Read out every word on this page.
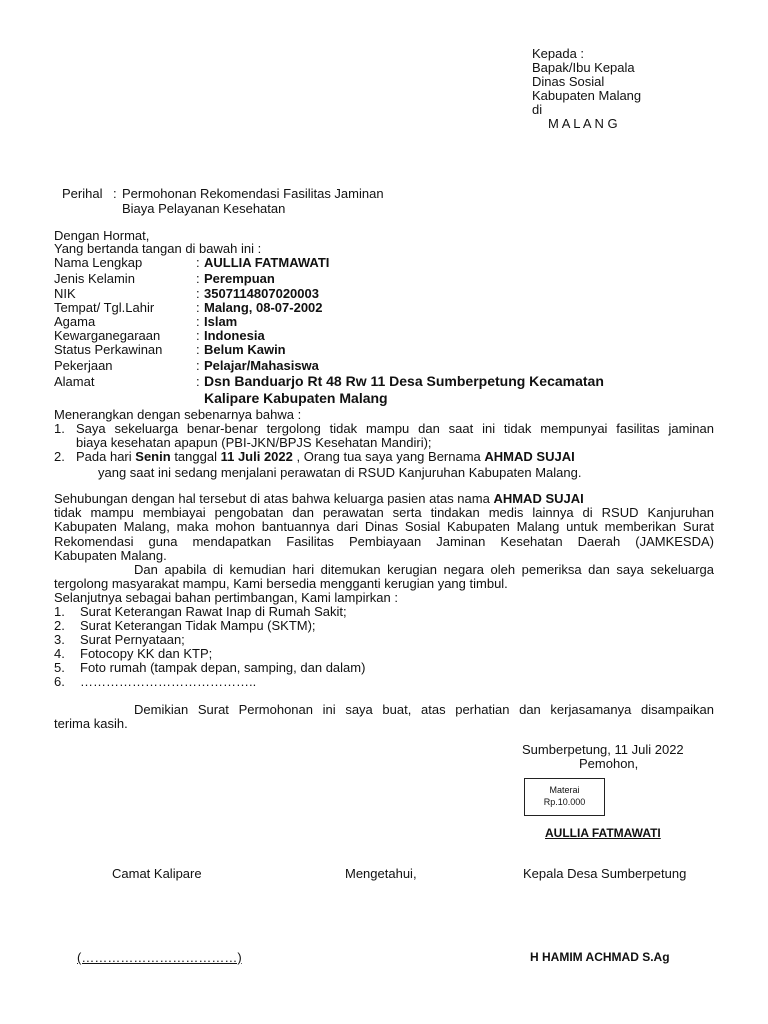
Kepada :
Bapak/Ibu Kepala
Dinas Sosial
Kabupaten Malang
di
M A L A N G
Perihal : Permohonan Rekomendasi Fasilitas Jaminan
Biaya Pelayanan Kesehatan
Dengan Hormat,
Yang bertanda tangan di bawah ini :
Nama Lengkap	: AULLIA FATMAWATI
Jenis Kelamin	: Perempuan
NIK	: 3507114807020003
Tempat/ Tgl.Lahir	: Malang, 08-07-2002
Agama	: Islam
Kewarganegaraan	: Indonesia
Status Perkawinan	: Belum Kawin
Pekerjaan	: Pelajar/Mahasiswa
Alamat	: Dsn Banduarjo Rt 48 Rw 11 Desa Sumberpetung Kecamatan
Kalipare Kabupaten Malang
Menerangkan dengan sebenarnya bahwa :
1. Saya sekeluarga benar-benar tergolong tidak mampu dan saat ini tidak mempunyai fasilitas jaminan
biaya kesehatan apapun (PBI-JKN/BPJS Kesehatan Mandiri);
2. Pada hari Senin tanggal 11 Juli 2022 , Orang tua saya yang Bernama AHMAD SUJAI
yang saat ini sedang menjalani perawatan di RSUD Kanjuruhan Kabupaten Malang.
Sehubungan dengan hal tersebut di atas bahwa keluarga pasien atas nama AHMAD SUJAI
tidak mampu membiayai pengobatan dan perawatan serta tindakan medis lainnya di RSUD Kanjuruhan
Kabupaten Malang, maka mohon bantuannya dari Dinas Sosial Kabupaten Malang untuk memberikan Surat
Rekomendasi guna mendapatkan Fasilitas Pembiayaan Jaminan Kesehatan Daerah (JAMKESDA)
Kabupaten Malang.
Dan apabila di kemudian hari ditemukan kerugian negara oleh pemeriksa dan saya sekeluarga
tergolong masyarakat mampu, Kami bersedia mengganti kerugian yang timbul.
Selanjutnya sebagai bahan pertimbangan, Kami lampirkan :
1. Surat Keterangan Rawat Inap di Rumah Sakit;
2. Surat Keterangan Tidak Mampu (SKTM);
3. Surat Pernyataan;
4. Fotocopy KK dan KTP;
5. Foto rumah (tampak depan, samping, dan dalam)
6. …………………………………..
Demikian Surat Permohonan ini saya buat, atas perhatian dan kerjasamanya disampaikan
terima kasih.
Sumberpetung, 11 Juli 2022
Pemohon,
Materai
Rp.10.000
AULLIA FATMAWATI
Camat Kalipare	Mengetahui,	Kepala Desa Sumberpetung
(………………………………)	H HAMIM ACHMAD S.Ag
